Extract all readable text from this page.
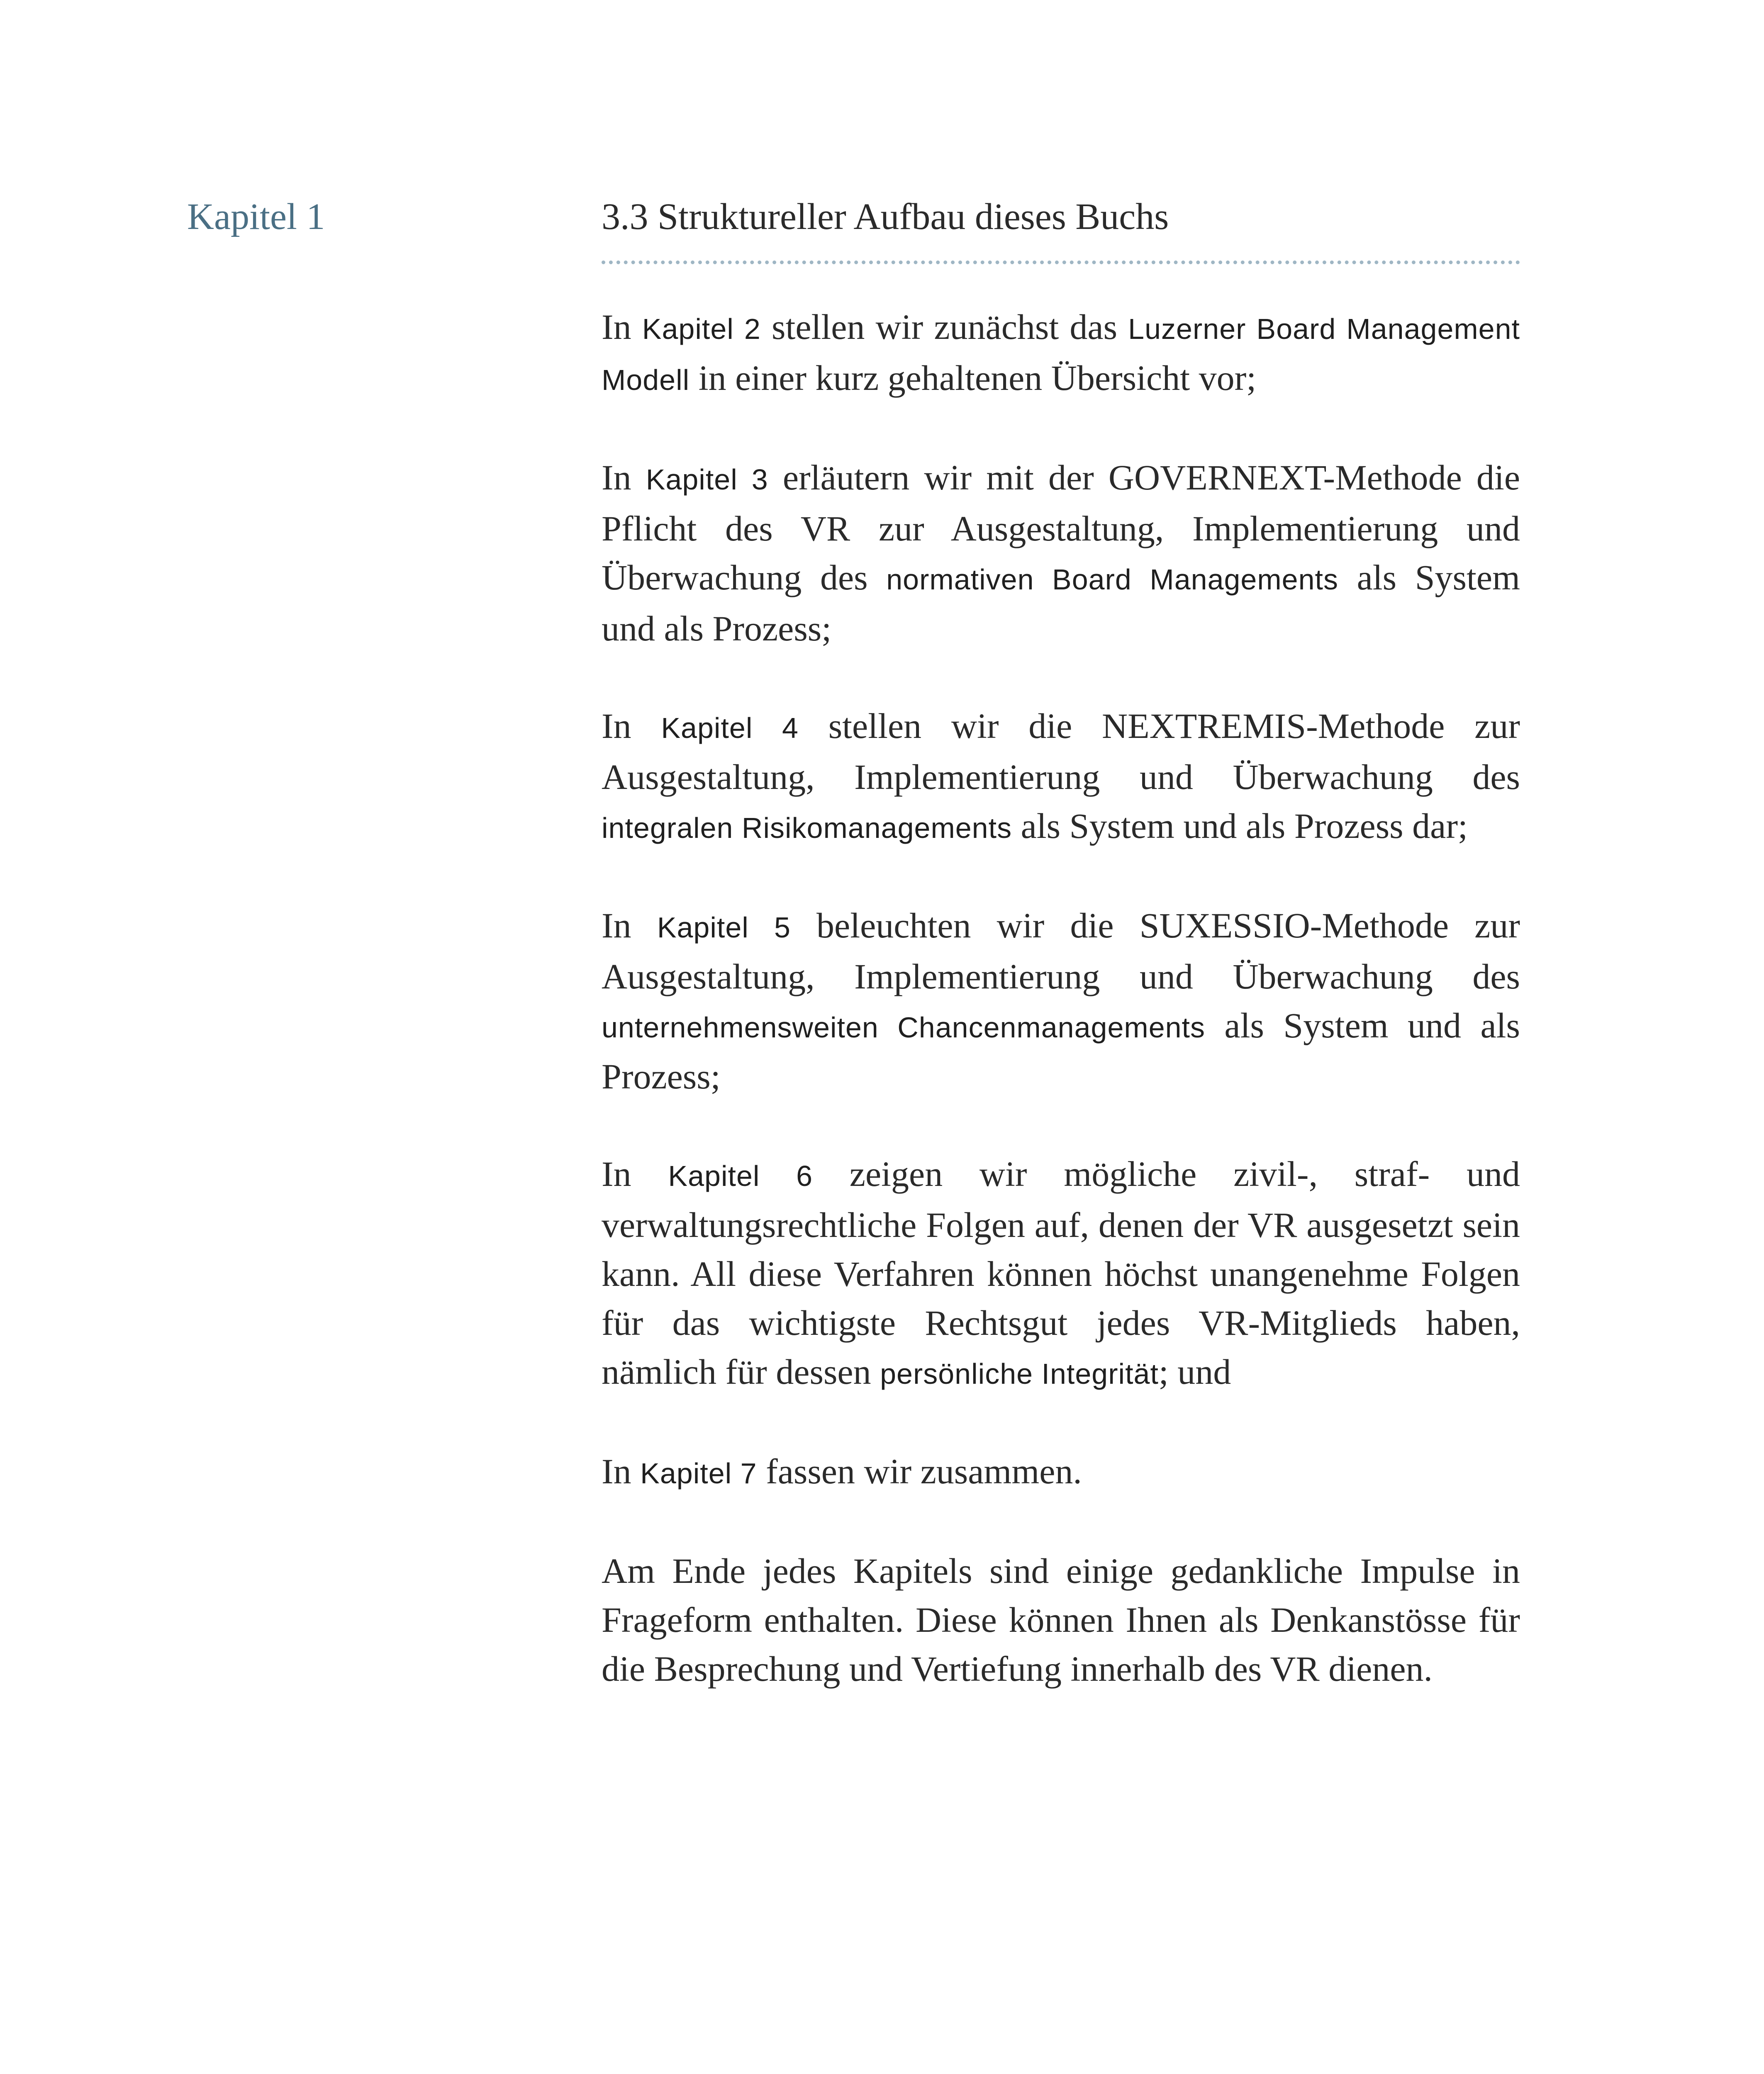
Kapitel 1	3.3 Struktureller Aufbau dieses Buchs

In Kapitel 2 stellen wir zunächst das Luzerner Board Management Modell in einer kurz gehaltenen Übersicht vor;

In Kapitel 3 erläutern wir mit der GOVERNEXT-Methode die Pflicht des VR zur Ausgestaltung, Implementierung und Überwachung des normativen Board Managements als System und als Prozess;

In Kapitel 4 stellen wir die NEXTREMIS-Methode zur Ausgestaltung, Implementierung und Überwachung des integralen Risikomanagements als System und als Prozess dar;

In Kapitel 5 beleuchten wir die SUXESSIO-Methode zur Ausgestaltung, Implementierung und Überwachung des unternehmensweiten Chancenmanagements als System und als Prozess;

In Kapitel 6 zeigen wir mögliche zivil-, straf- und verwaltungsrechtliche Folgen auf, denen der VR ausgesetzt sein kann. All diese Verfahren können höchst unangenehme Folgen für das wichtigste Rechtsgut jedes VR-Mitglieds haben, nämlich für dessen persönliche Integrität; und

In Kapitel 7 fassen wir zusammen.

Am Ende jedes Kapitels sind einige gedankliche Impulse in Frageform enthalten. Diese können Ihnen als Denkanstösse für die Besprechung und Vertiefung innerhalb des VR dienen.
